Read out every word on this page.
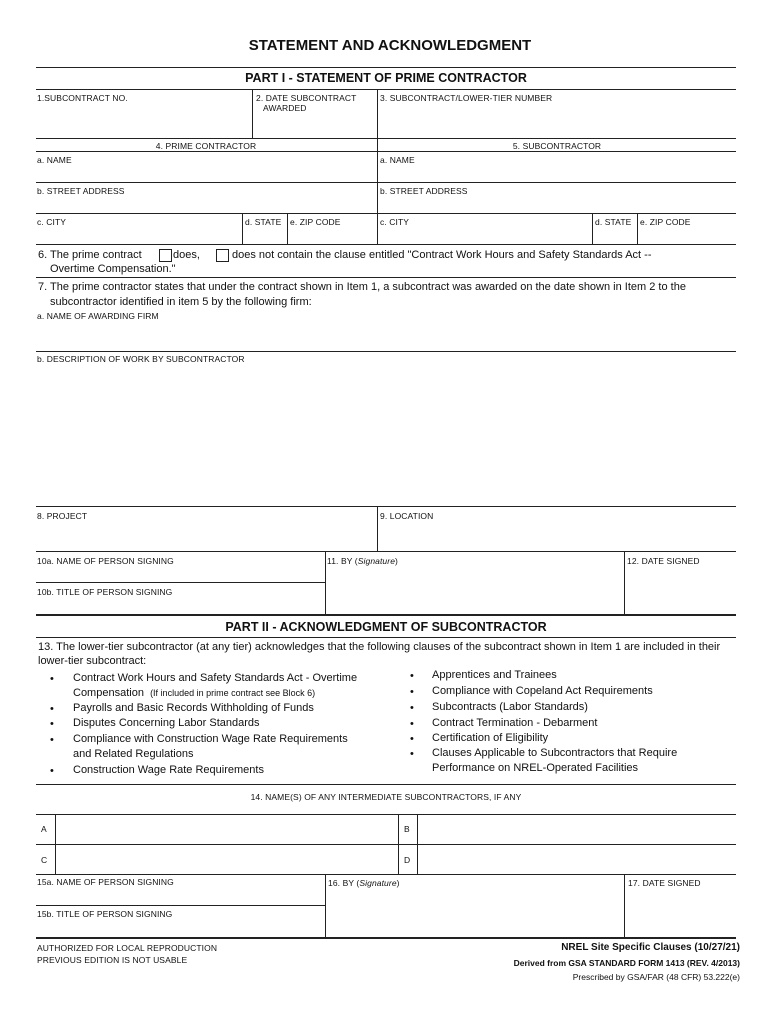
STATEMENT AND ACKNOWLEDGMENT
PART I - STATEMENT OF PRIME CONTRACTOR
1.SUBCONTRACT NO.	2. DATE SUBCONTRACT
AWARDED
3. SUBCONTRACT/LOWER-TIER NUMBER
4. PRIME CONTRACTOR	5. SUBCONTRACTOR
a. NAME	a. NAME
b. STREET ADDRESS	b. STREET ADDRESS
c. CITY	d. STATE e. ZIP CODE	c. CITY	d. STATE e. ZIP CODE
6. The prime contract	does,	does not contain the clause entitled "Contract Work Hours and Safety Standards Act --
Overtime Compensation."
7. The prime contractor states that under the contract shown in Item 1, a subcontract was awarded on the date shown in Item 2 to the
subcontractor identified in item 5 by the following firm:
a. NAME OF AWARDING FIRM
b. DESCRIPTION OF WORK BY SUBCONTRACTOR
8. PROJECT	9. LOCATION
10a. NAME OF PERSON SIGNING	11. BY (Signature)	12. DATE SIGNED
10b. TITLE OF PERSON SIGNING
PART II - ACKNOWLEDGMENT OF SUBCONTRACTOR
13. The lower-tier subcontractor (at any tier) acknowledges that the following clauses of the subcontract shown in Item 1 are included in their
lower-tier subcontract:
• Contract Work Hours and Safety Standards Act - Overtime
Compensation (If included in prime contract see Block 6)
• Payrolls and Basic Records Withholding of Funds
• Disputes Concerning Labor Standards
• Compliance with Construction Wage Rate Requirements
and Related Regulations
• Construction Wage Rate Requirements
• Apprentices and Trainees
• Compliance with Copeland Act Requirements
• Subcontracts (Labor Standards)
• Contract Termination - Debarment
• Certification of Eligibility
• Clauses Applicable to Subcontractors that Require
Performance on NREL-Operated Facilities
14. NAME(S) OF ANY INTERMEDIATE SUBCONTRACTORS, IF ANY
A	B
C	D
15a. NAME OF PERSON SIGNING	16. BY (Signature)	17. DATE SIGNED
15b. TITLE OF PERSON SIGNING
AUTHORIZED FOR LOCAL REPRODUCTION
PREVIOUS EDITION IS NOT USABLE
NREL Site Specific Clauses (10/27/21)
Derived from GSA STANDARD FORM 1413 (REV. 4/2013)
Prescribed by GSA/FAR (48 CFR) 53.222(e)
